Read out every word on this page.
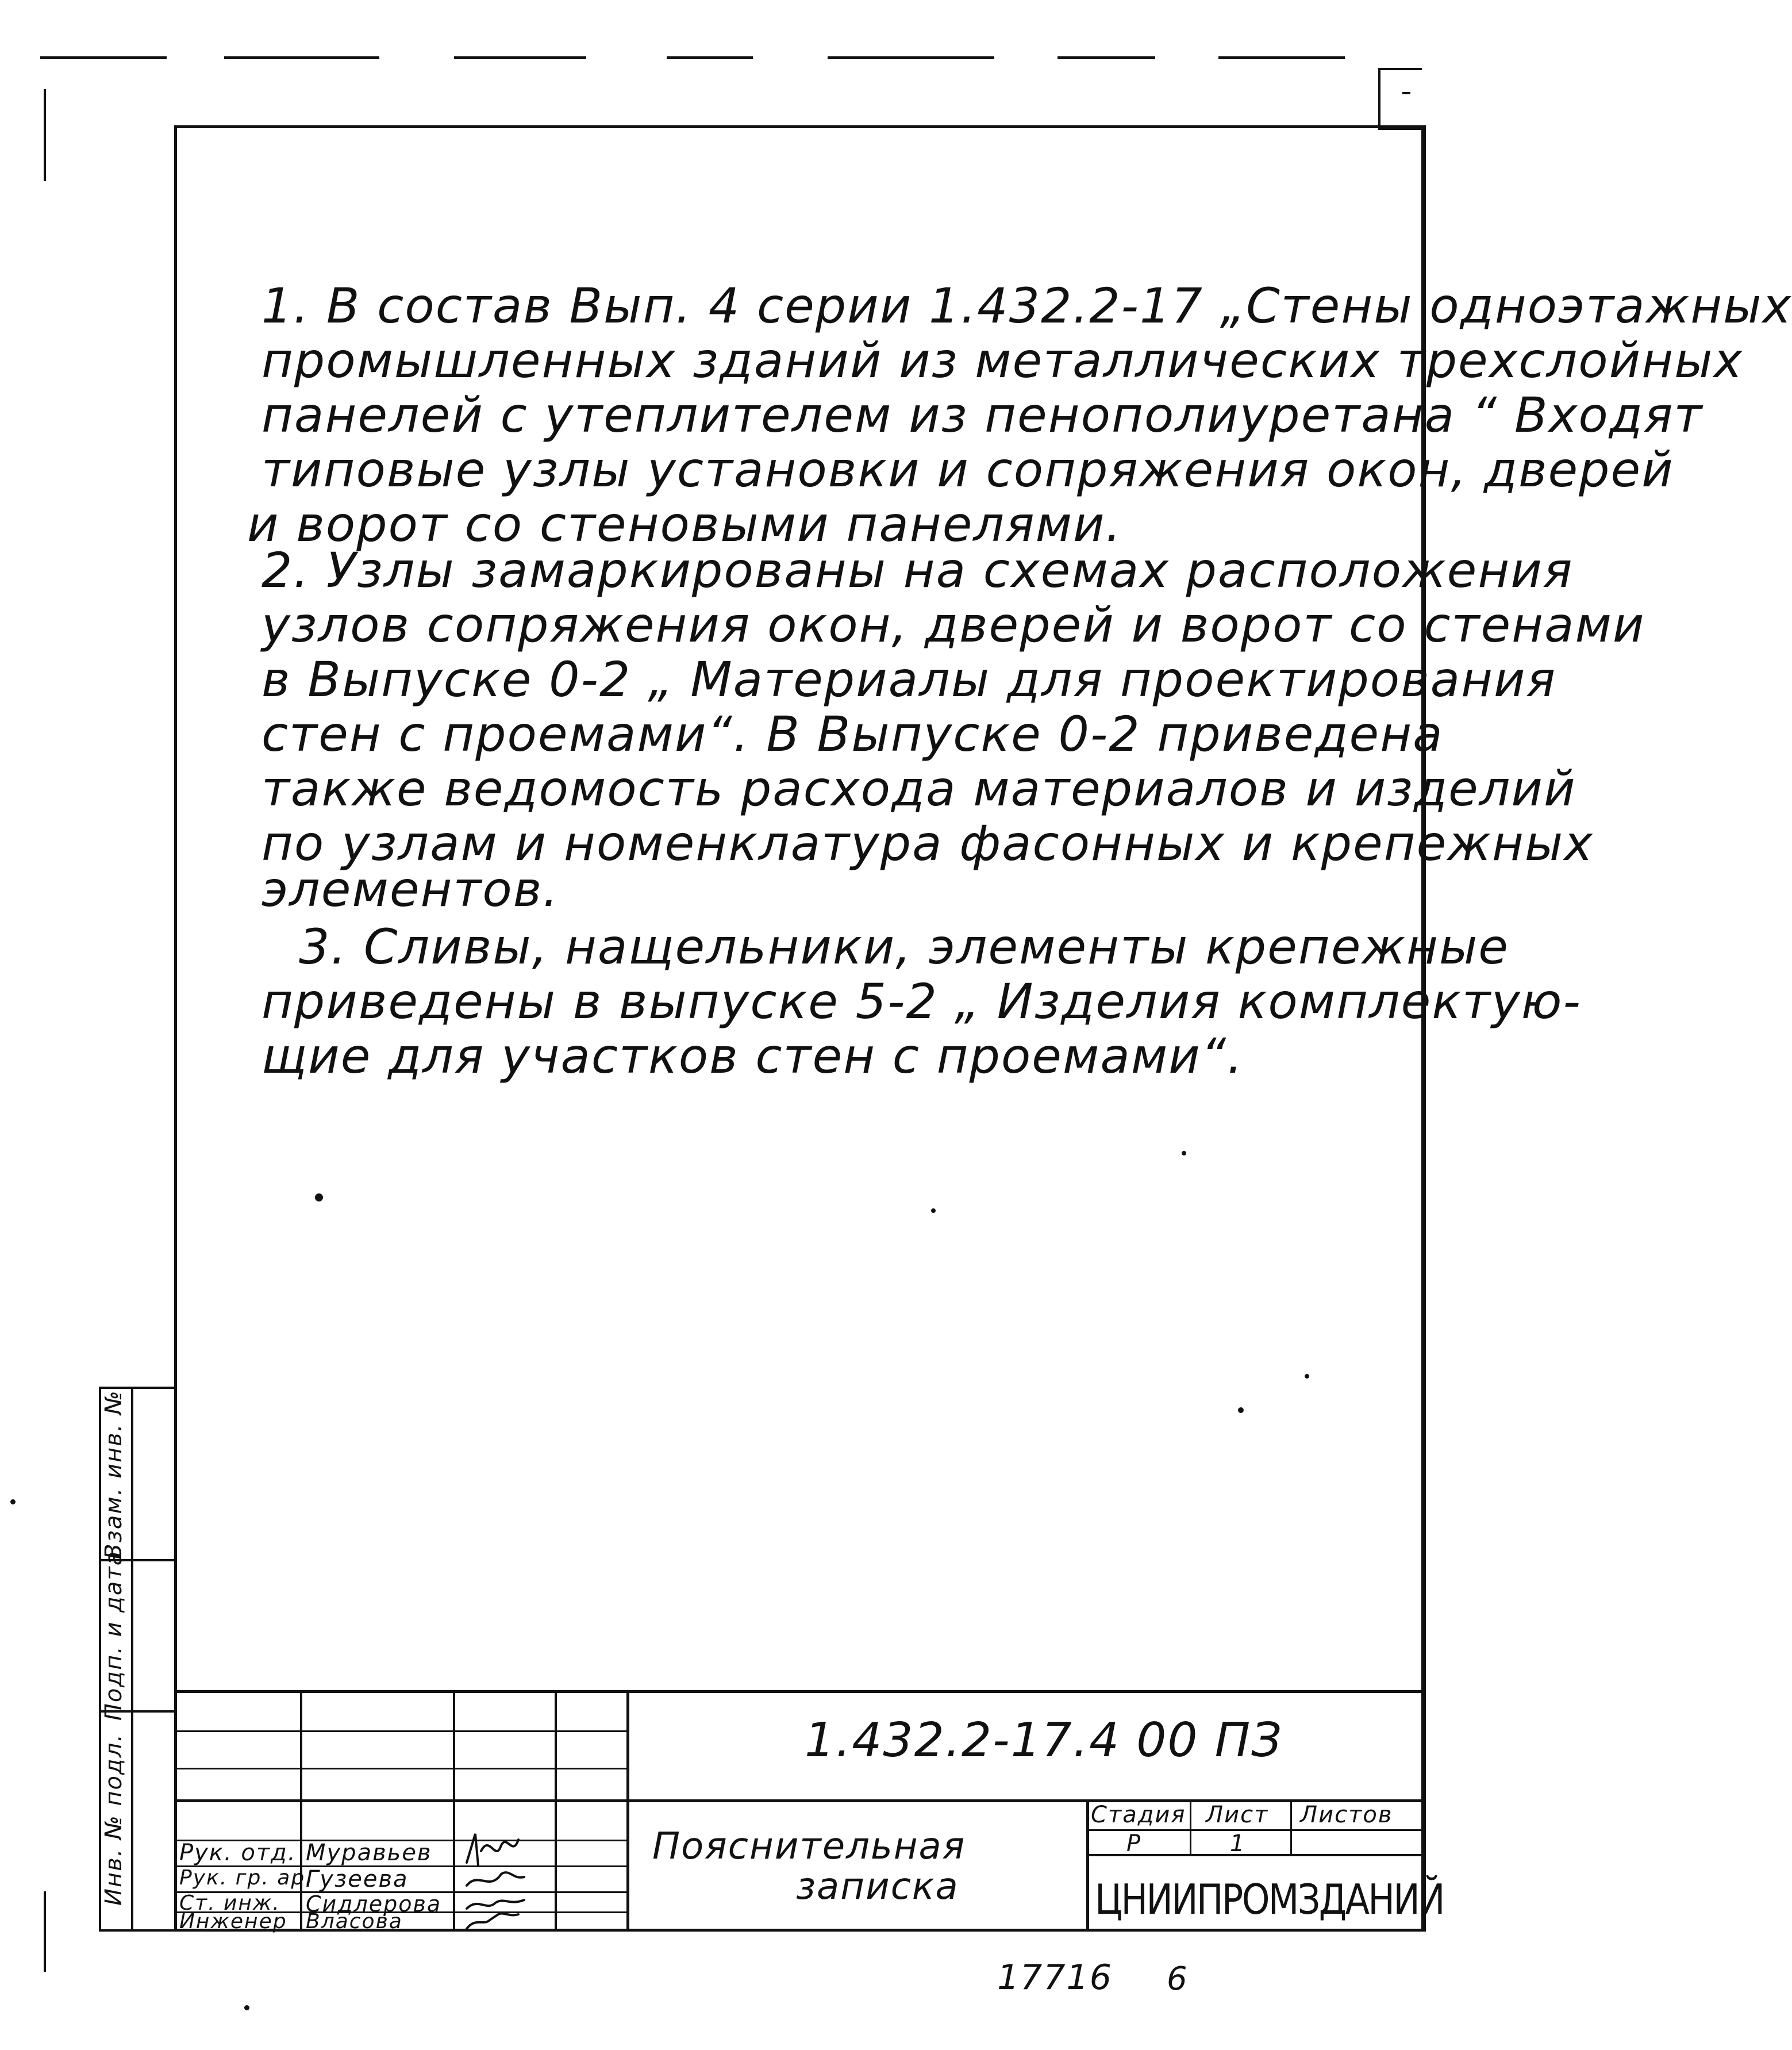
1. В состав Вып. 4 серии 1.432.2-17 „Стены одноэтажных
промышленных зданий из металлических трехслойных
панелей с утеплителем из пенополиуретана “ Входят
типовые узлы установки и сопряжения окон, дверей
и ворот со стеновыми панелями.
2. Узлы замаркированы на схемах расположения
узлов сопряжения окон, дверей и ворот со стенами
в Выпуске 0-2 „ Материалы для проектирования
стен с проемами“. В Выпуске 0-2 приведена
также ведомость расхода материалов и изделий
по узлам и номенклатура фасонных и крепежных
элементов.
3. Сливы, нащельники, элементы крепежные
приведены в выпуске 5-2 „ Изделия комплектую-
щие для участков стен с проемами“.
Взам. инв. №
Подп. и дата
Инв. № подл.	1.432.2-17.4 00 ПЗ
Пояснительная
записка
Стадия Лист Листов
Р	1
ЦНИИПРОМЗДАНИЙ
Рук. отд. Муравьев
Рук. гр. ар.
Гузеева
Ст. инж. Сидлерова
Инженер Власова
17716 6
